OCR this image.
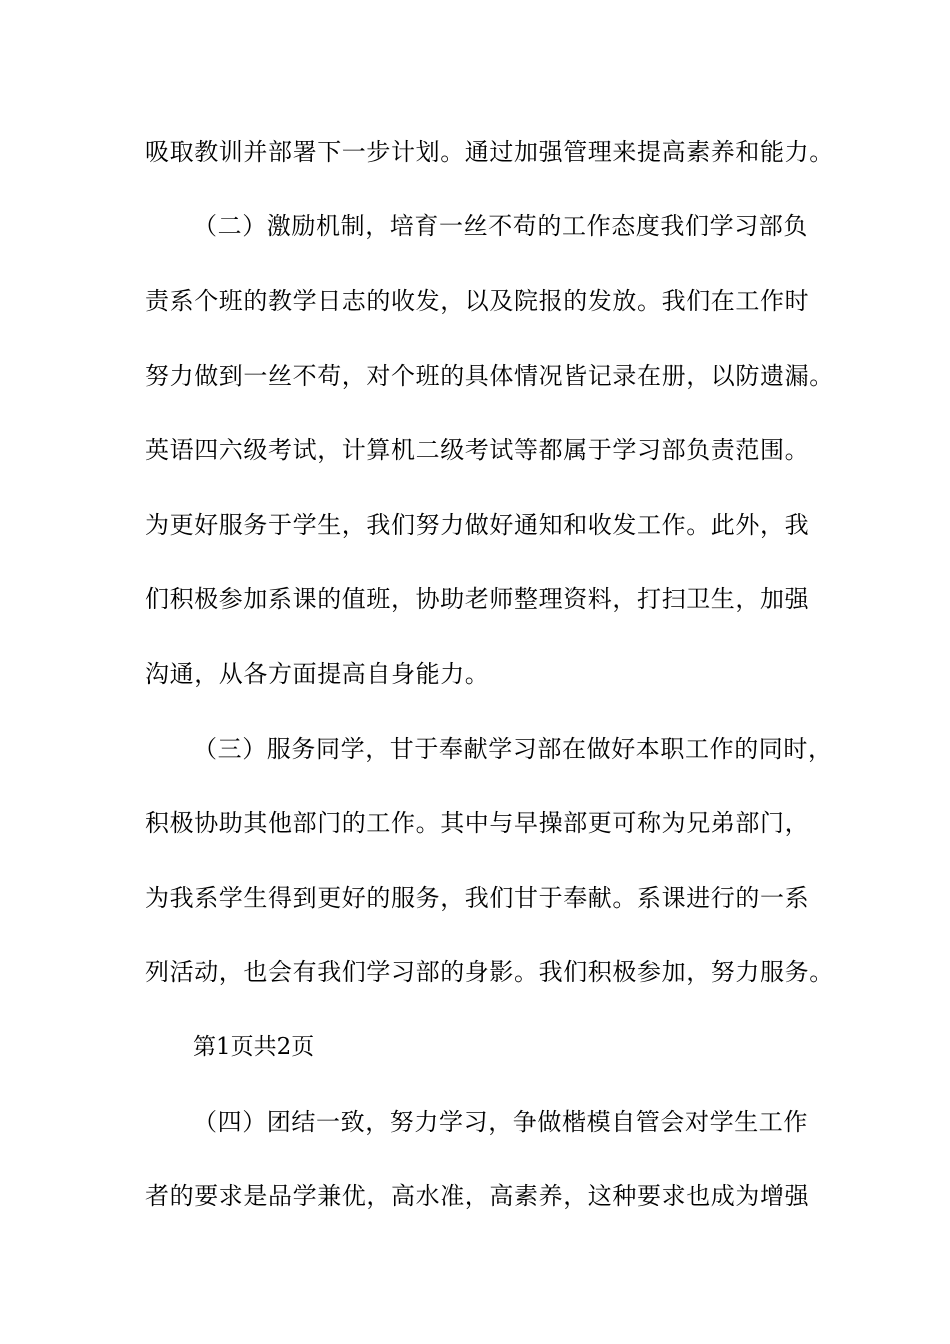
吸取教训并部署下一步计划。通过加强管理来提高素养和能力。
（二）激励机制，培育一丝不苟的工作态度我们学习部负
责系个班的教学日志的收发，以及院报的发放。我们在工作时
努力做到一丝不苟，对个班的具体情况皆记录在册，以防遗漏。
英语四六级考试，计算机二级考试等都属于学习部负责范围。
为更好服务于学生，我们努力做好通知和收发工作。此外，我
们积极参加系课的值班，协助老师整理资料，打扫卫生，加强
沟通，从各方面提高自身能力。
（三）服务同学，甘于奉献学习部在做好本职工作的同时，
积极协助其他部门的工作。其中与早操部更可称为兄弟部门，
为我系学生得到更好的服务，我们甘于奉献。系课进行的一系
列活动，也会有我们学习部的身影。我们积极参加，努力服务。
第1页共2页
（四）团结一致，努力学习，争做楷模自管会对学生工作
者的要求是品学兼优，高水准，高素养，这种要求也成为增强
